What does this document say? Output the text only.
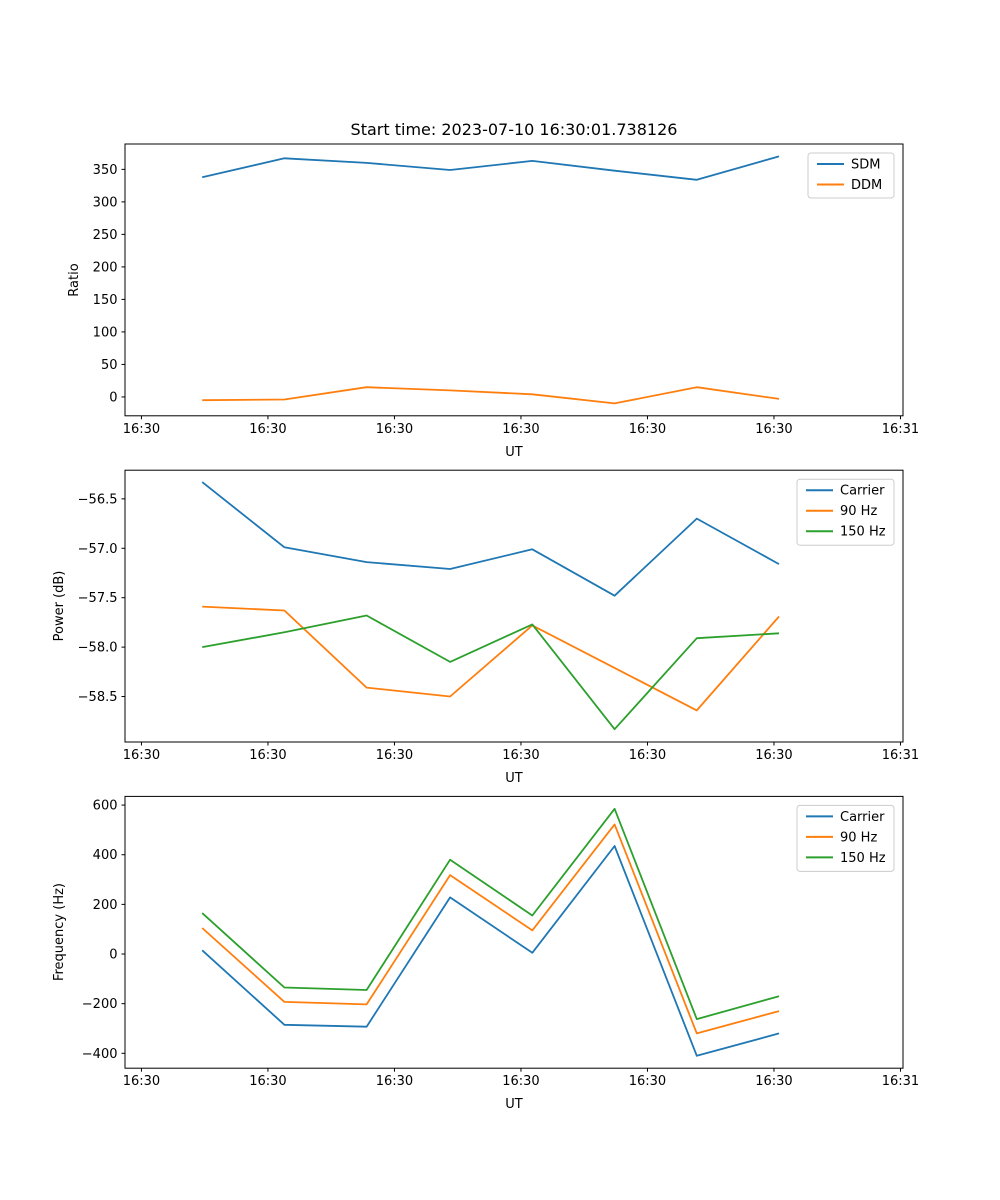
16:30	16:30	16:30	16:30	16:30	16:30	16:31
0
50
100
150
200
250
300
350	SDM
DDM
16:30	16:30	16:30	16:30	16:30	16:30	16:31
−56.5
−57.0
−57.5
−58.0
−58.5
Carrier
90 Hz
150 Hz
16:30	16:30	16:30	16:30	16:30	16:30	16:31
−400
−200
0
200
400
600
Carrier
90 Hz
150 Hz
Start time: 2023-07-10 16:30:01.738126
Ratio
Power (dB)
Frequency (Hz)
UT
UT
UT
